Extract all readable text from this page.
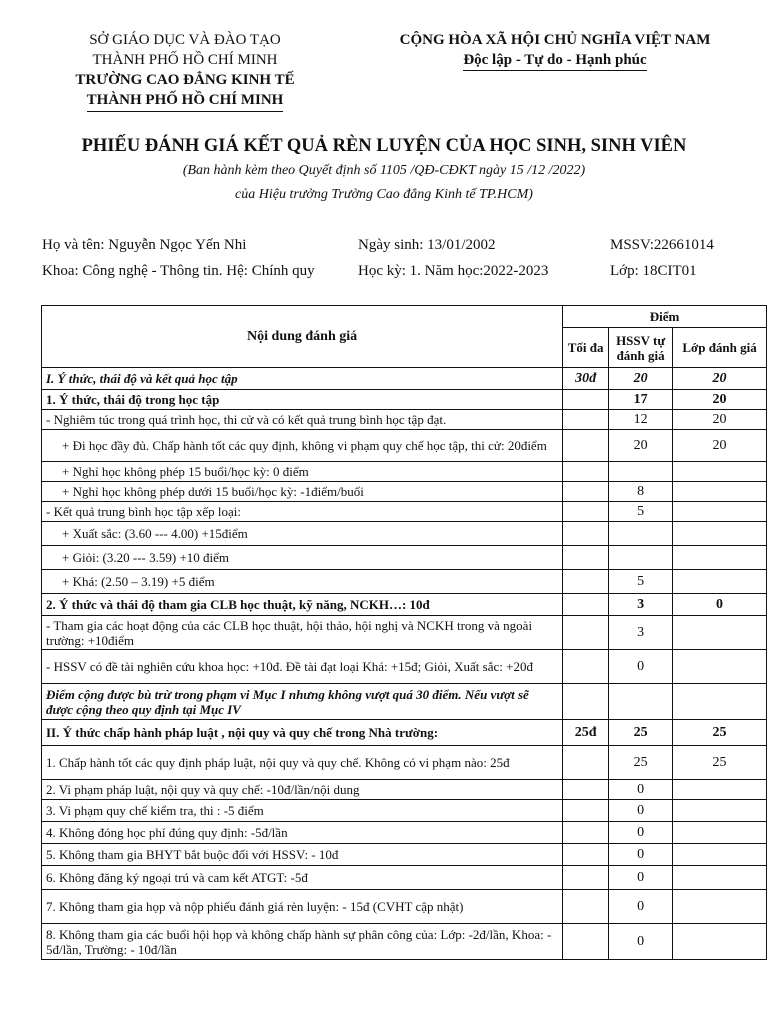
SỞ GIÁO DỤC VÀ ĐÀO TẠO
THÀNH PHỐ HỒ CHÍ MINH
TRƯỜNG CAO ĐẲNG KINH TẾ
THÀNH PHỐ HỒ CHÍ MINH
CỘNG HÒA XÃ HỘI CHỦ NGHĨA VIỆT NAM
Độc lập - Tự do - Hạnh phúc
PHIẾU ĐÁNH GIÁ KẾT QUẢ RÈN LUYỆN CỦA HỌC SINH, SINH VIÊN
(Ban hành kèm theo Quyết định số 1105 /QĐ-CĐKT ngày 15 /12 /2022)
của Hiệu trưởng Trường Cao đẳng Kinh tế TP.HCM)
Họ và tên: Nguyễn Ngọc Yến Nhi	Ngày sinh: 13/01/2002	MSSV:22661014
Khoa: Công nghệ - Thông tin. Hệ: Chính quy	Học kỳ: 1. Năm học:2022-2023	Lớp: 18CIT01
Nội dung đánh giá	Điểm		
	Tối đa	HSSV tự đánh giá	Lớp đánh giá
I. Ý thức, thái độ và kết quả học tập	30đ	20	20
1. Ý thức, thái độ trong học tập		17	20
- Nghiêm túc trong quá trình học, thi cử và có kết quả trung bình học tập đạt.		12	20
+ Đi học đầy đủ. Chấp hành tốt các quy định, không vi phạm quy chế học tập, thi cử: 20điểm		20	20
+ Nghỉ học không phép 15 buổi/học kỳ: 0 điểm			
+ Nghỉ học không phép dưới 15 buổi/học kỳ: -1điểm/buổi		8	
- Kết quả trung bình học tập xếp loại:		5	
+ Xuất sắc: (3.60 --- 4.00) +15điểm			
+ Giỏi: (3.20 --- 3.59) +10 điểm			
+ Khá: (2.50 – 3.19) +5 điểm		5	
2. Ý thức và thái độ tham gia CLB học thuật, kỹ năng, NCKH…: 10đ		3	0
- Tham gia các hoạt động của các CLB học thuật, hội thảo, hội nghị và NCKH trong và ngoài trường: +10điểm		3	
- HSSV có đề tài nghiên cứu khoa học: +10đ. Đề tài đạt loại Khá: +15đ; Giỏi, Xuất sắc: +20đ		0	
Điểm cộng được bù trừ trong phạm vi Mục I nhưng không vượt quá 30 điểm. Nếu vượt sẽ được cộng theo quy định tại Mục IV			
II. Ý thức chấp hành pháp luật , nội quy và quy chế trong Nhà trường:	25đ	25	25
1. Chấp hành tốt các quy định pháp luật, nội quy và quy chế. Không có vi phạm nào: 25đ		25	25
2. Vi phạm pháp luật, nội quy và quy chế: -10đ/lần/nội dung		0	
3. Vi phạm quy chế kiểm tra, thi : -5 điểm		0	
4. Không đóng học phí đúng quy định: -5đ/lần		0	
5. Không tham gia BHYT bắt buộc đối với HSSV: - 10đ		0	
6. Không đăng ký ngoại trú và cam kết ATGT: -5đ		0	
7. Không tham gia họp và nộp phiếu đánh giá rèn luyện: - 15đ (CVHT cập nhật)		0	
8. Không tham gia các buổi hội họp và không chấp hành sự phân công của: Lớp: -2đ/lần, Khoa: - 5đ/lần, Trường: - 10đ/lần		0	
